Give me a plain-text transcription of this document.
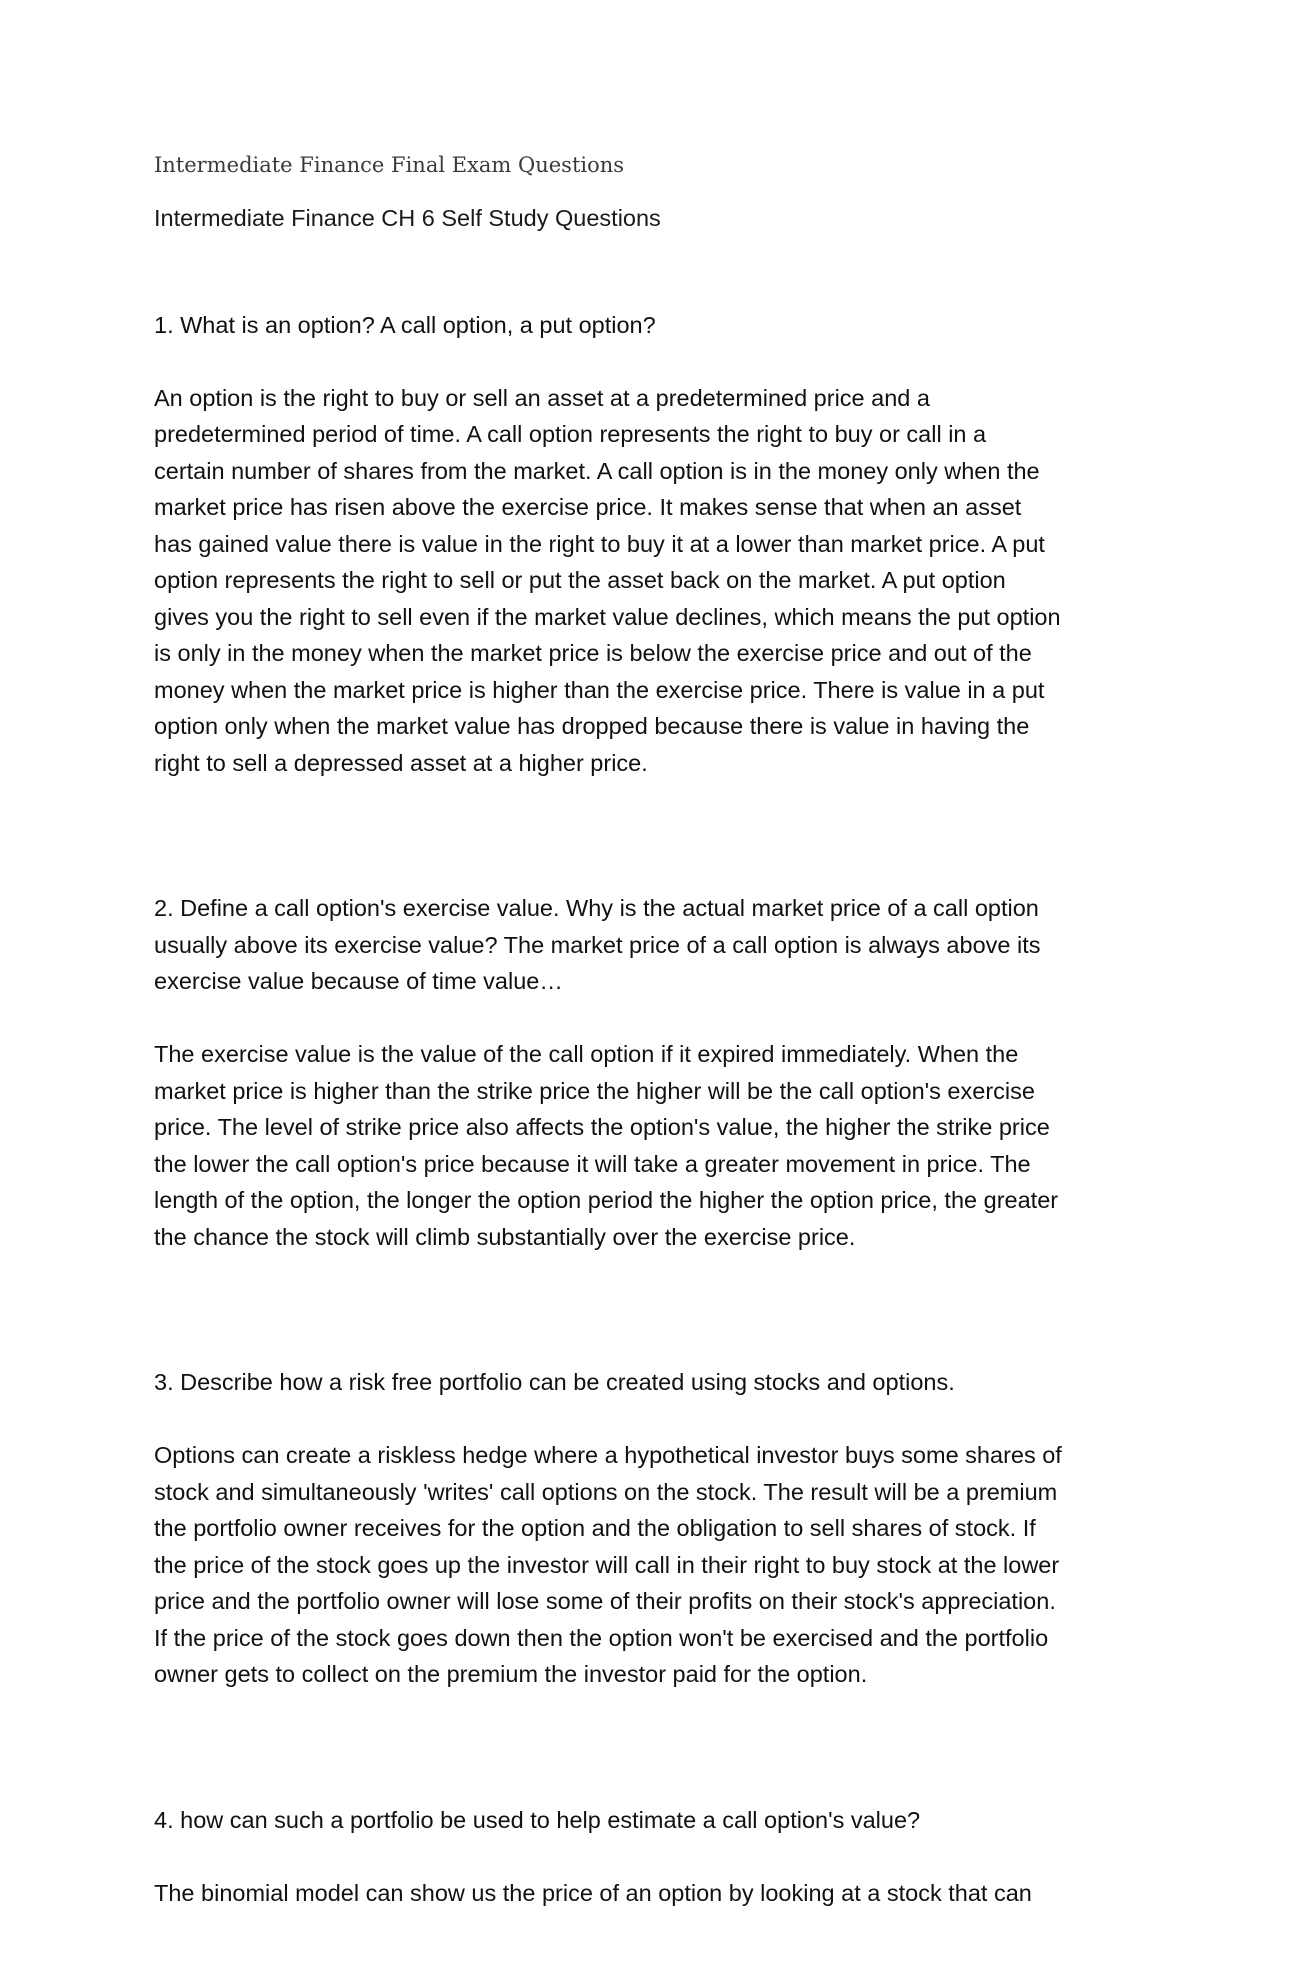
Intermediate Finance Final Exam Questions
Intermediate Finance CH 6 Self Study Questions

1. What is an option? A call option, a put option?

An option is the right to buy or sell an asset at a predetermined price and a
predetermined period of time. A call option represents the right to buy or call in a
certain number of shares from the market. A call option is in the money only when the
market price has risen above the exercise price. It makes sense that when an asset
has gained value there is value in the right to buy it at a lower than market price. A put
option represents the right to sell or put the asset back on the market. A put option
gives you the right to sell even if the market value declines, which means the put option
is only in the money when the market price is below the exercise price and out of the
money when the market price is higher than the exercise price. There is value in a put
option only when the market value has dropped because there is value in having the
right to sell a depressed asset at a higher price.

2. Define a call option's exercise value. Why is the actual market price of a call option
usually above its exercise value? The market price of a call option is always above its
exercise value because of time value…

The exercise value is the value of the call option if it expired immediately. When the
market price is higher than the strike price the higher will be the call option's exercise
price. The level of strike price also affects the option's value, the higher the strike price
the lower the call option's price because it will take a greater movement in price. The
length of the option, the longer the option period the higher the option price, the greater
the chance the stock will climb substantially over the exercise price.

3. Describe how a risk free portfolio can be created using stocks and options.

Options can create a riskless hedge where a hypothetical investor buys some shares of
stock and simultaneously 'writes' call options on the stock. The result will be a premium
the portfolio owner receives for the option and the obligation to sell shares of stock. If
the price of the stock goes up the investor will call in their right to buy stock at the lower
price and the portfolio owner will lose some of their profits on their stock's appreciation.
If the price of the stock goes down then the option won't be exercised and the portfolio
owner gets to collect on the premium the investor paid for the option.

4. how can such a portfolio be used to help estimate a call option's value?

The binomial model can show us the price of an option by looking at a stock that can
